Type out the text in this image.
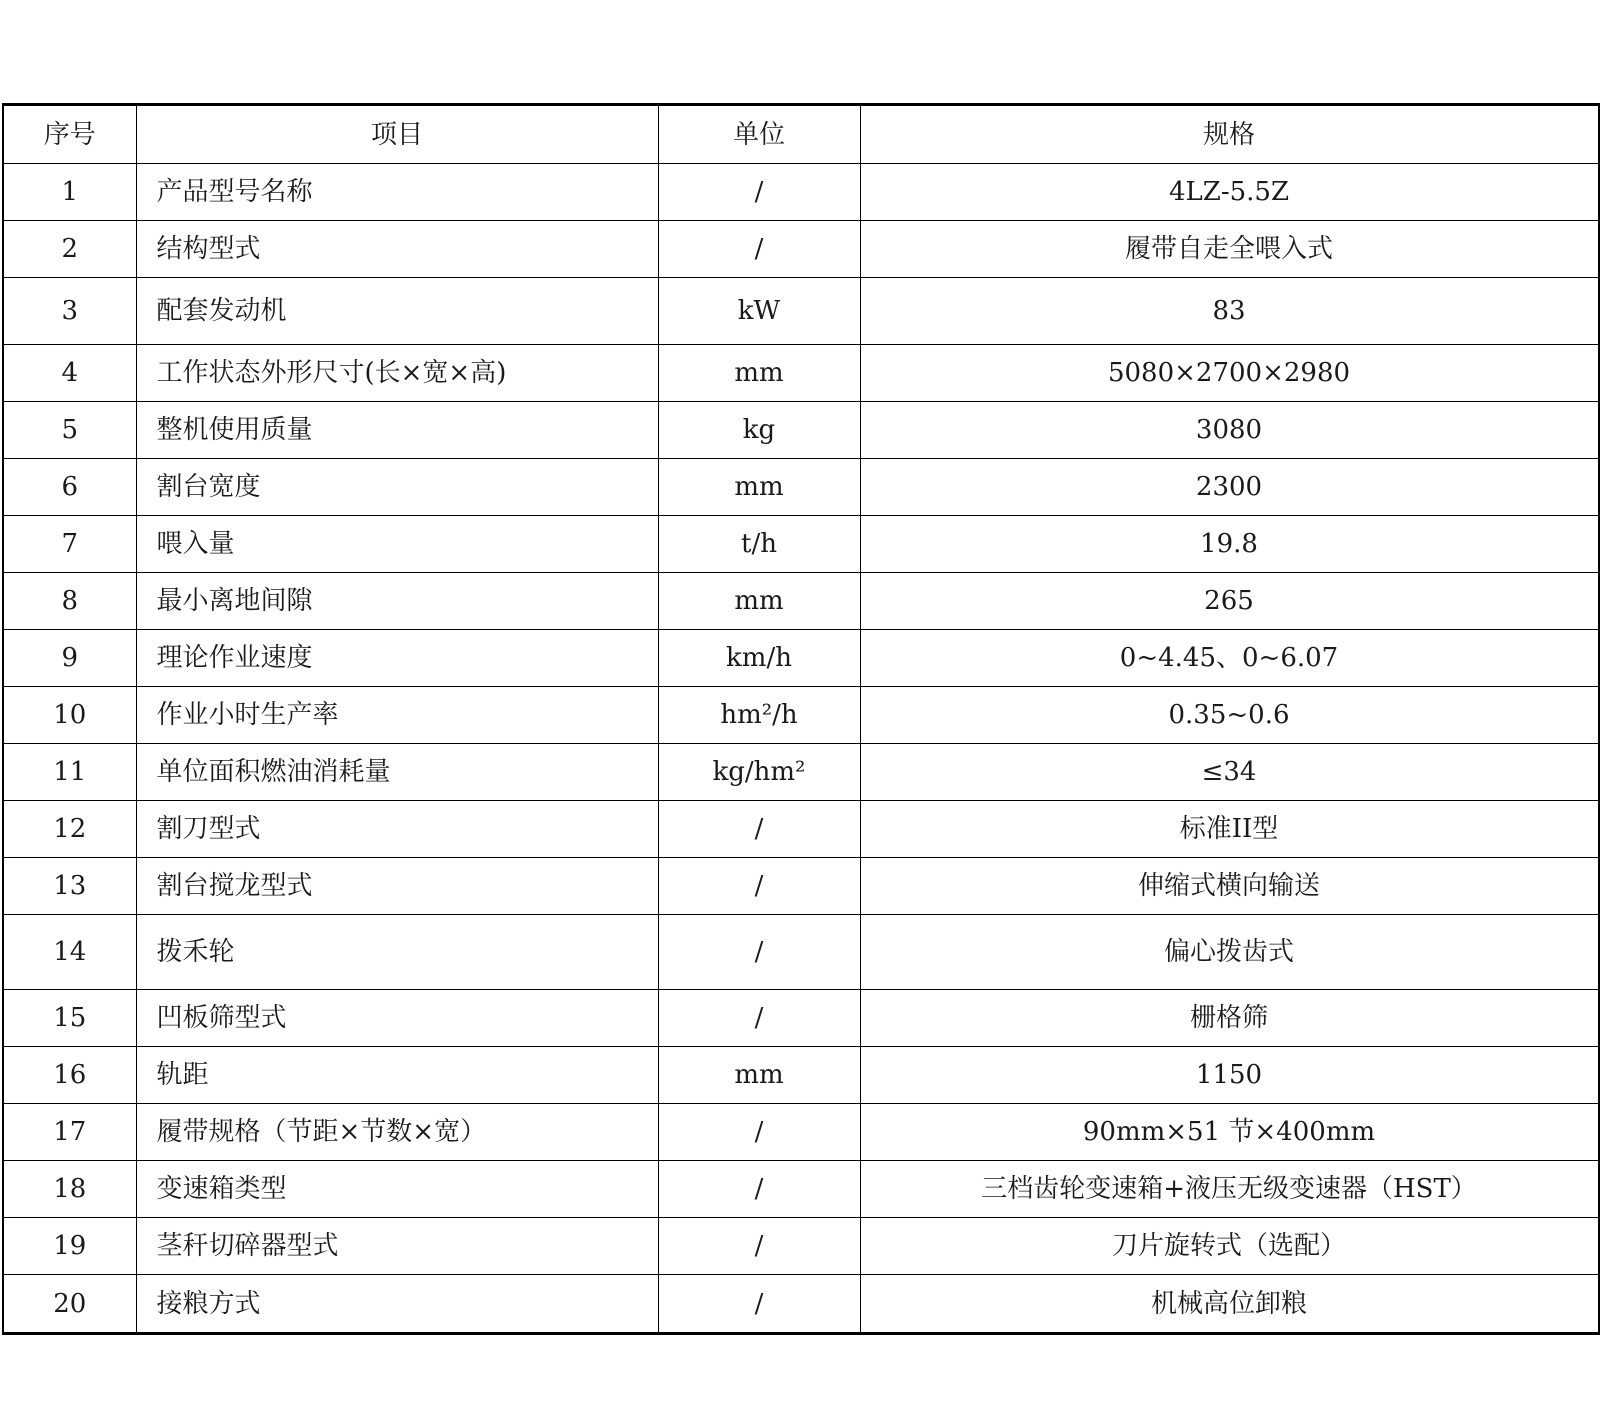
序号	项目	单位	规格
1	产品型号名称	/	4LZ-5.5Z
2	结构型式	/	履带自走全喂入式
3	配套发动机	kW	83
4	工作状态外形尺寸(长×宽×高)	mm	5080×2700×2980
5	整机使用质量	kg	3080
6	割台宽度	mm	2300
7	喂入量	t/h	19.8
8	最小离地间隙	mm	265
9	理论作业速度	km/h	0~4.45、0~6.07
10	作业小时生产率	hm²/h	0.35~0.6
11	单位面积燃油消耗量	kg/hm²	≤34
12	割刀型式	/	标准II型
13	割台搅龙型式	/	伸缩式横向输送
14	拨禾轮	/	偏心拨齿式
15	凹板筛型式	/	栅格筛
16	轨距	mm	1150
17	履带规格（节距×节数×宽）	/	90mm×51 节×400mm
18	变速箱类型	/	三档齿轮变速箱+液压无级变速器（HST）
19	茎秆切碎器型式	/	刀片旋转式（选配）
20	接粮方式	/	机械高位卸粮
